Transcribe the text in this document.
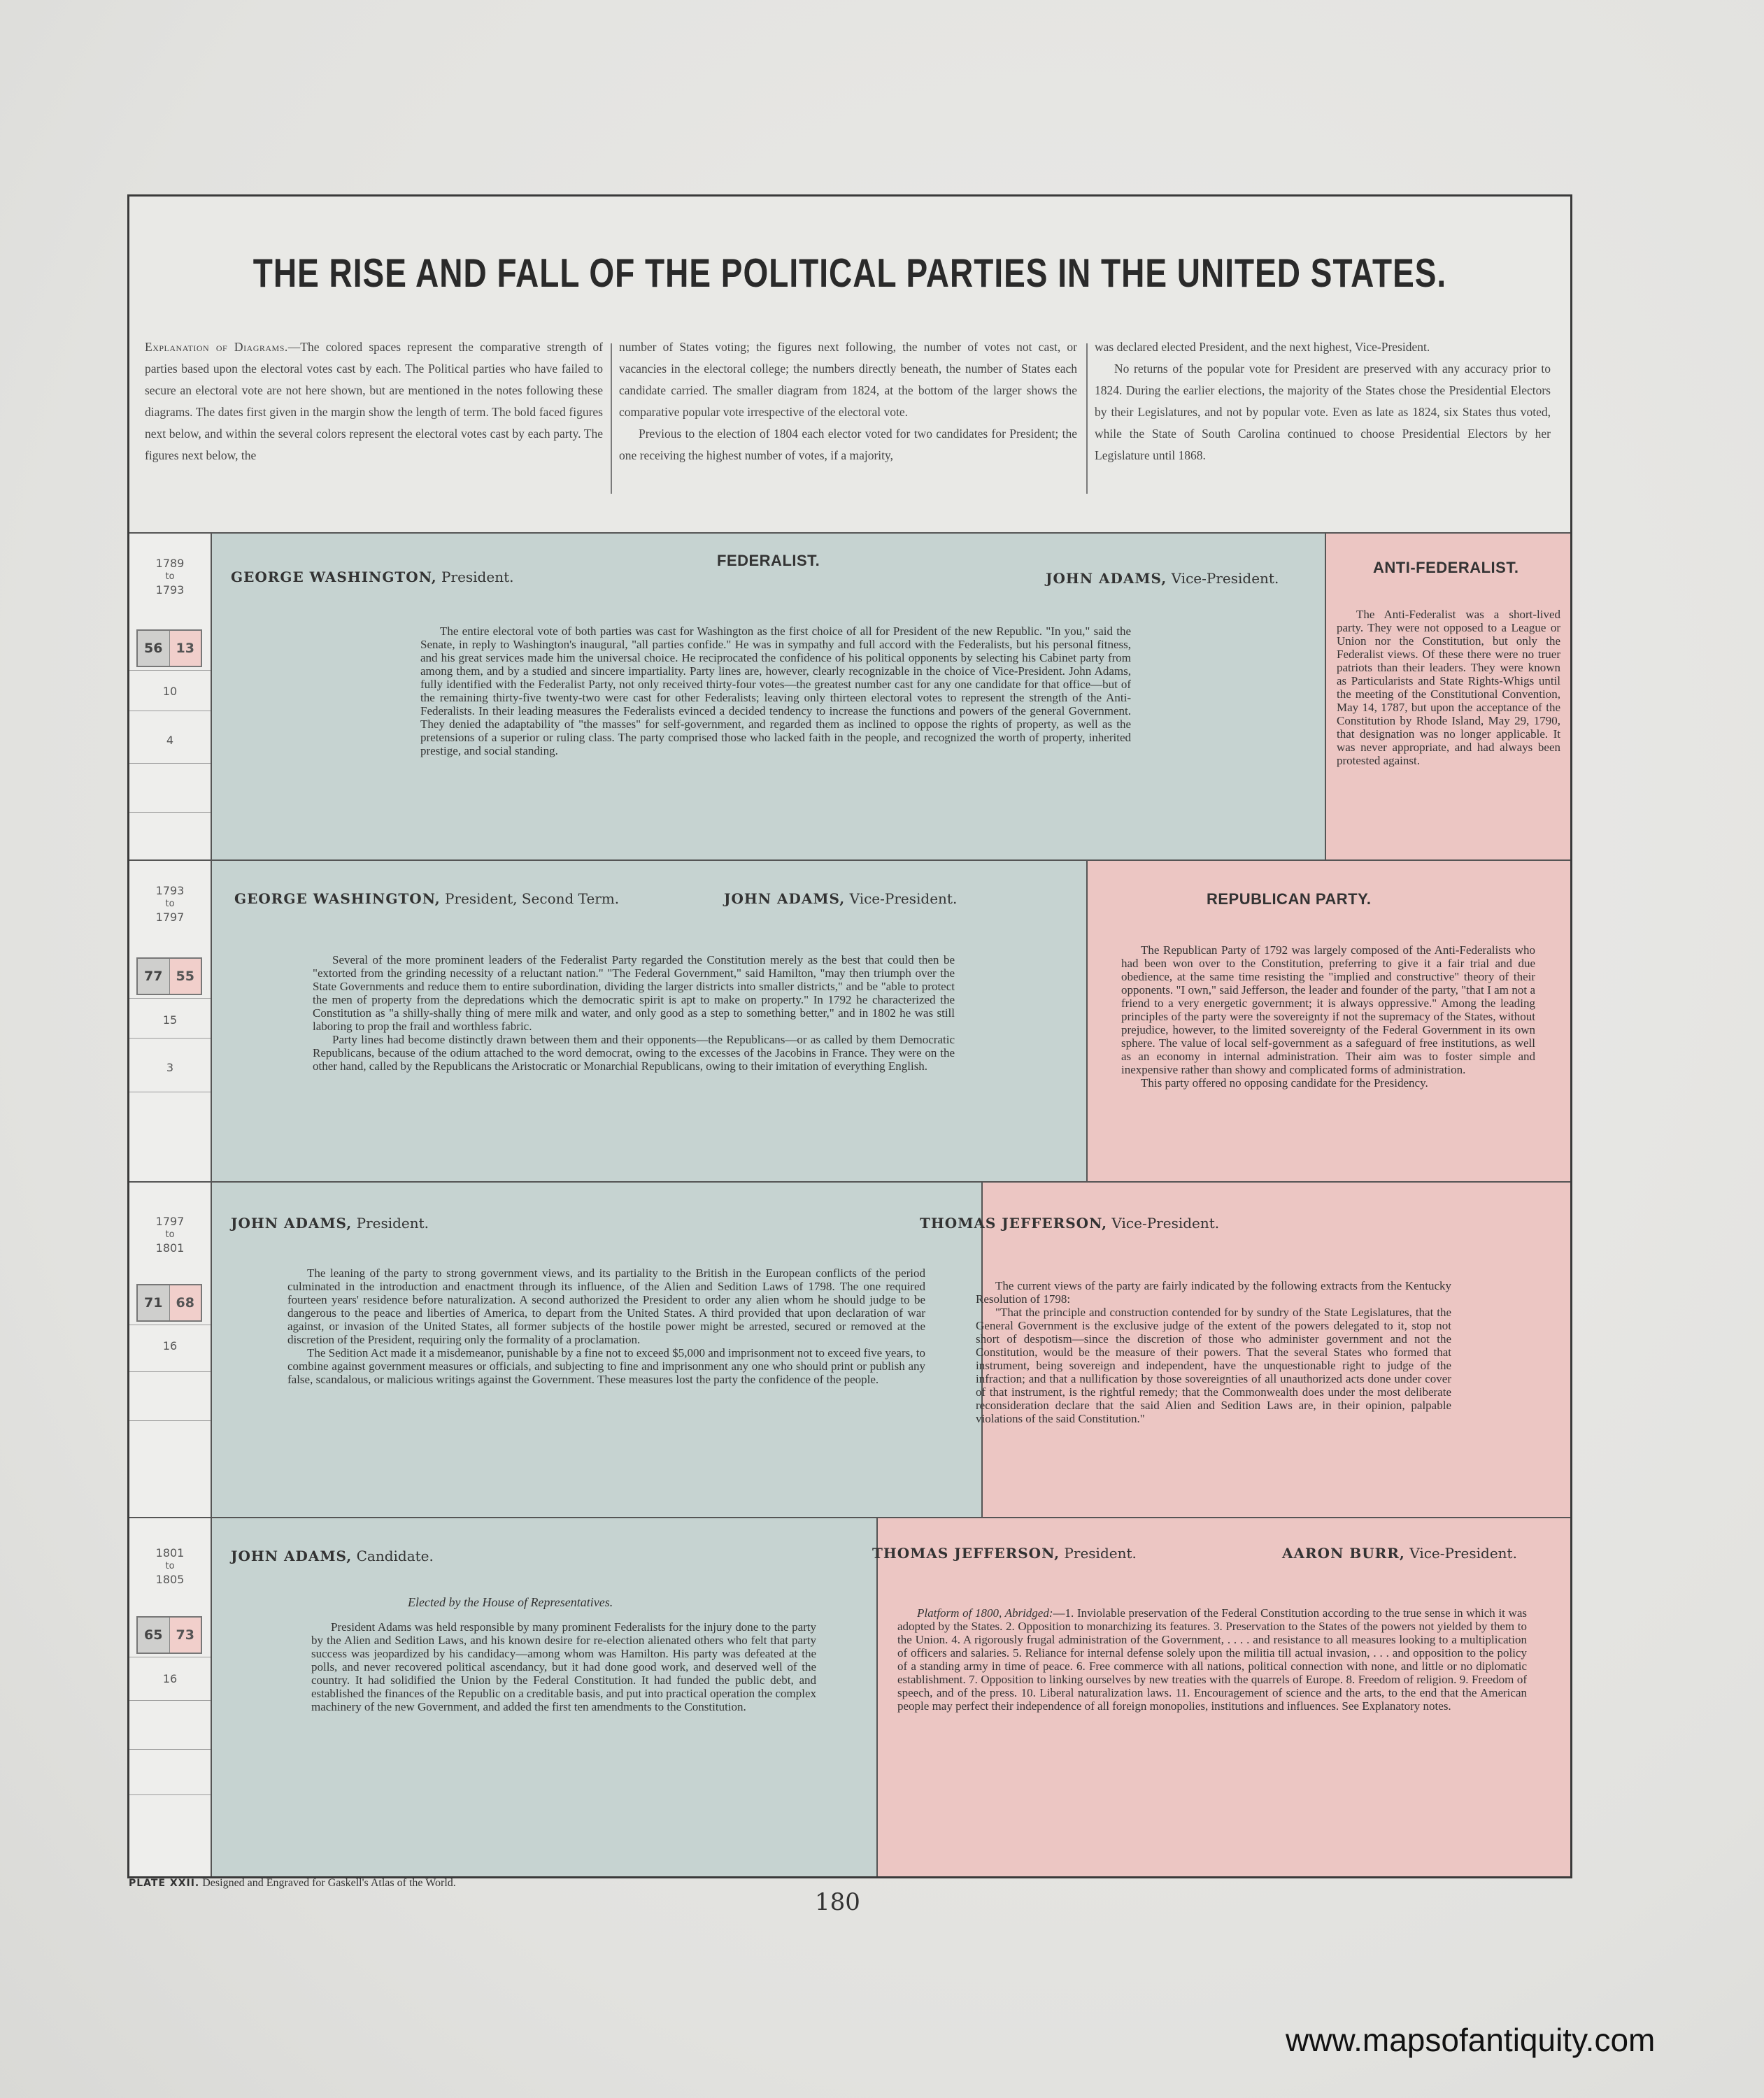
THE RISE AND FALL OF THE POLITICAL PARTIES IN THE UNITED STATES.

Explanation of Diagrams.—The colored spaces represent the comparative strength of parties based upon the electoral votes cast by each. The Political parties who have failed to secure an electoral vote are not here shown, but are mentioned in the notes following these diagrams. The dates first given in the margin show the length of term. The bold faced figures next below, and within the several colors represent the electoral votes cast by each party. The figures next below, the

number of States voting; the figures next following, the number of votes not cast, or vacancies in the electoral college; the numbers directly beneath, the number of States each candidate carried. The smaller diagram from 1824, at the bottom of the larger shows the comparative popular vote irrespective of the electoral vote.

Previous to the election of 1804 each elector voted for two candidates for President; the one receiving the highest number of votes, if a majority,

was declared elected President, and the next highest, Vice-President.

No returns of the popular vote for President are preserved with any accuracy prior to 1824. During the earlier elections, the majority of the States chose the Presidential Electors by their Legislatures, and not by popular vote. Even as late as 1824, six States thus voted, while the State of South Carolina continued to choose Presidential Electors by her Legislature until 1868.

FEDERALIST.
GEORGE WASHINGTON, President.	JOHN ADAMS, Vice-President.

The entire electoral vote of both parties was cast for Washington as the first choice of all for President of the new Republic. "In you," said the Senate, in reply to Washington's inaugural, "all parties confide." He was in sympathy and full accord with the Federalists, but his personal fitness, and his great services made him the universal choice. He reciprocated the confidence of his political opponents by selecting his Cabinet party from among them, and by a studied and sincere impartiality. Party lines are, however, clearly recognizable in the choice of Vice-President. John Adams, fully identified with the Federalist Party, not only received thirty-four votes—the greatest number cast for any one candidate for that office—but of the remaining thirty-five twenty-two were cast for other Federalists; leaving only thirteen electoral votes to represent the strength of the Anti-Federalists. In their leading measures the Federalists evinced a decided tendency to increase the functions and powers of the general Government. They denied the adaptability of "the masses" for self-government, and regarded them as inclined to oppose the rights of property, as well as the pretensions of a superior or ruling class. The party comprised those who lacked faith in the people, and recognized the worth of property, inherited prestige, and social standing.

ANTI-FEDERALIST.

The Anti-Federalist was a short-lived party. They were not opposed to a League or Union nor the Constitution, but only the Federalist views. Of these there were no truer patriots than their leaders. They were known as Particularists and State Rights-Whigs until the meeting of the Constitutional Convention, May 14, 1787, but upon the acceptance of the Constitution by Rhode Island, May 29, 1790, that designation was no longer applicable. It was never appropriate, and had always been protested against.

1789
to
1793
56	13
10
4
GEORGE WASHINGTON, President, Second Term.	JOHN ADAMS, Vice-President.

Several of the more prominent leaders of the Federalist Party regarded the Constitution merely as the best that could then be "extorted from the grinding necessity of a reluctant nation." "The Federal Government," said Hamilton, "may then triumph over the State Governments and reduce them to entire subordination, dividing the larger districts into smaller districts," and be "able to protect the men of property from the depredations which the democratic spirit is apt to make on property." In 1792 he characterized the Constitution as "a shilly-shally thing of mere milk and water, and only good as a step to something better," and in 1802 he was still laboring to prop the frail and worthless fabric.

Party lines had become distinctly drawn between them and their opponents—the Republicans—or as called by them Democratic Republicans, because of the odium attached to the word democrat, owing to the excesses of the Jacobins in France. They were on the other hand, called by the Republicans the Aristocratic or Monarchial Republicans, owing to their imitation of everything English.

REPUBLICAN PARTY.

The Republican Party of 1792 was largely composed of the Anti-Federalists who had been won over to the Constitution, preferring to give it a fair trial and due obedience, at the same time resisting the "implied and constructive" theory of their opponents. "I own," said Jefferson, the leader and founder of the party, "that I am not a friend to a very energetic government; it is always oppressive." Among the leading principles of the party were the sovereignty if not the supremacy of the States, without prejudice, however, to the limited sovereignty of the Federal Government in its own sphere. The value of local self-government as a safeguard of free institutions, as well as an economy in internal administration. Their aim was to foster simple and inexpensive rather than showy and complicated forms of administration.

This party offered no opposing candidate for the Presidency.

1793
to
1797
77	55
15
3
JOHN ADAMS, President.

The leaning of the party to strong government views, and its partiality to the British in the European conflicts of the period culminated in the introduction and enactment through its influence, of the Alien and Sedition Laws of 1798. The one required fourteen years' residence before naturalization. A second authorized the President to order any alien whom he should judge to be dangerous to the peace and liberties of America, to depart from the United States. A third provided that upon declaration of war against, or invasion of the United States, all former subjects of the hostile power might be arrested, secured or removed at the discretion of the President, requiring only the formality of a proclamation.

The Sedition Act made it a misdemeanor, punishable by a fine not to exceed $5,000 and imprisonment not to exceed five years, to combine against government measures or officials, and subjecting to fine and imprisonment any one who should print or publish any false, scandalous, or malicious writings against the Government. These measures lost the party the confidence of the people.

THOMAS JEFFERSON, Vice-President.

The current views of the party are fairly indicated by the following extracts from the Kentucky Resolution of 1798:

"That the principle and construction contended for by sundry of the State Legislatures, that the General Government is the exclusive judge of the extent of the powers delegated to it, stop not short of despotism—since the discretion of those who administer government and not the Constitution, would be the measure of their powers. That the several States who formed that instrument, being sovereign and independent, have the unquestionable right to judge of the infraction; and that a nullification by those sovereignties of all unauthorized acts done under cover of that instrument, is the rightful remedy; that the Commonwealth does under the most deliberate reconsideration declare that the said Alien and Sedition Laws are, in their opinion, palpable violations of the said Constitution."

1797
to
1801
71	68
16
JOHN ADAMS, Candidate.
Elected by the House of Representatives.

President Adams was held responsible by many prominent Federalists for the injury done to the party by the Alien and Sedition Laws, and his known desire for re-election alienated others who felt that party success was jeopardized by his candidacy—among whom was Hamilton. His party was defeated at the polls, and never recovered political ascendancy, but it had done good work, and deserved well of the country. It had solidified the Union by the Federal Constitution. It had funded the public debt, and established the finances of the Republic on a creditable basis, and put into practical operation the complex machinery of the new Government, and added the first ten amendments to the Constitution.

THOMAS JEFFERSON, President.	AARON BURR, Vice-President.

Platform of 1800, Abridged:—1. Inviolable preservation of the Federal Constitution according to the true sense in which it was adopted by the States. 2. Opposition to monarchizing its features. 3. Preservation to the States of the powers not yielded by them to the Union. 4. A rigorously frugal administration of the Government, . . . . and resistance to all measures looking to a multiplication of officers and salaries. 5. Reliance for internal defense solely upon the militia till actual invasion, . . . and opposition to the policy of a standing army in time of peace. 6. Free commerce with all nations, political connection with none, and little or no diplomatic establishment. 7. Opposition to linking ourselves by new treaties with the quarrels of Europe. 8. Freedom of religion. 9. Freedom of speech, and of the press. 10. Liberal naturalization laws. 11. Encouragement of science and the arts, to the end that the American people may perfect their independence of all foreign monopolies, institutions and influences. See Explanatory notes.

1801
to
1805
65	73
16
PLATE XXII. Designed and Engraved for Gaskell's Atlas of the World.
180
www.mapsofantiquity.com
